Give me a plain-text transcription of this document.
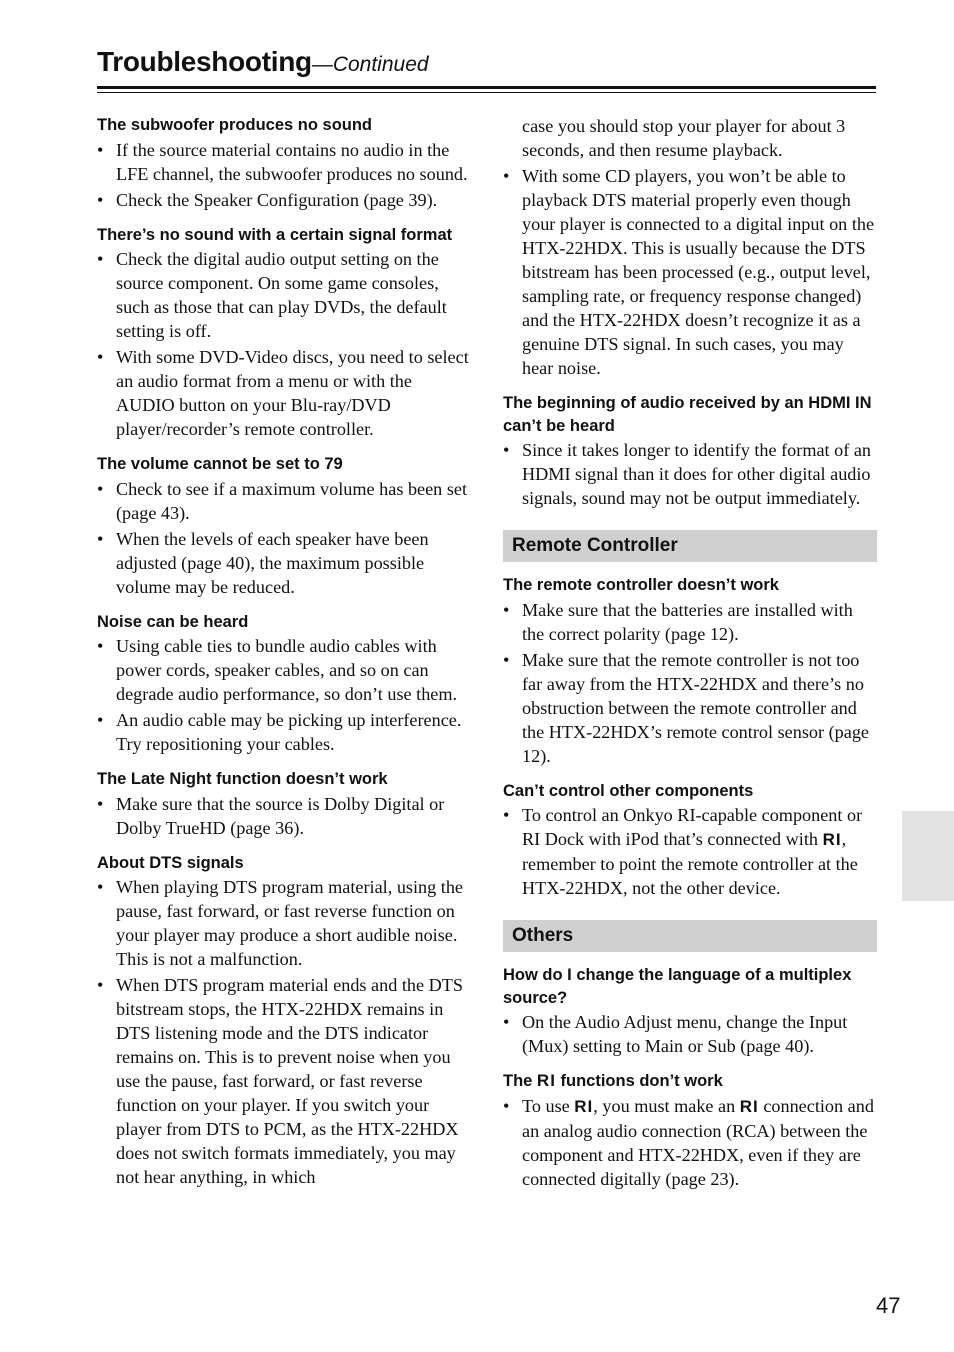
Troubleshooting—Continued
The subwoofer produces no sound
• If the source material contains no audio in the LFE channel, the subwoofer produces no sound.
• Check the Speaker Configuration (page 39).
There’s no sound with a certain signal format
• Check the digital audio output setting on the source component. On some game consoles, such as those that can play DVDs, the default setting is off.
• With some DVD-Video discs, you need to select an audio format from a menu or with the AUDIO button on your Blu-ray/DVD player/recorder’s remote controller.
The volume cannot be set to 79
• Check to see if a maximum volume has been set (page 43).
• When the levels of each speaker have been adjusted (page 40), the maximum possible volume may be reduced.
Noise can be heard
• Using cable ties to bundle audio cables with power cords, speaker cables, and so on can degrade audio performance, so don’t use them.
• An audio cable may be picking up interference. Try repositioning your cables.
The Late Night function doesn’t work
• Make sure that the source is Dolby Digital or Dolby TrueHD (page 36).
About DTS signals
• When playing DTS program material, using the pause, fast forward, or fast reverse function on your player may produce a short audible noise. This is not a malfunction.
• When DTS program material ends and the DTS bitstream stops, the HTX-22HDX remains in DTS listening mode and the DTS indicator remains on. This is to prevent noise when you use the pause, fast forward, or fast reverse function on your player. If you switch your player from DTS to PCM, as the HTX-22HDX does not switch formats immediately, you may not hear anything, in which
case you should stop your player for about 3 seconds, and then resume playback.
• With some CD players, you won’t be able to playback DTS material properly even though your player is connected to a digital input on the HTX-22HDX. This is usually because the DTS bitstream has been processed (e.g., output level, sampling rate, or frequency response changed) and the HTX-22HDX doesn’t recognize it as a genuine DTS signal. In such cases, you may hear noise.
The beginning of audio received by an HDMI IN can’t be heard
• Since it takes longer to identify the format of an HDMI signal than it does for other digital audio signals, sound may not be output immediately.
Remote Controller
The remote controller doesn’t work
• Make sure that the batteries are installed with the correct polarity (page 12).
• Make sure that the remote controller is not too far away from the HTX-22HDX and there’s no obstruction between the remote controller and the HTX-22HDX’s remote control sensor (page 12).
Can’t control other components
• To control an Onkyo RI-capable component or RI Dock with iPod that’s connected with RI, remember to point the remote controller at the HTX-22HDX, not the other device.
Others
How do I change the language of a multiplex source?
• On the Audio Adjust menu, change the Input (Mux) setting to Main or Sub (page 40).
The RI functions don’t work
• To use RI, you must make an RI connection and an analog audio connection (RCA) between the component and HTX-22HDX, even if they are connected digitally (page 23).
47
